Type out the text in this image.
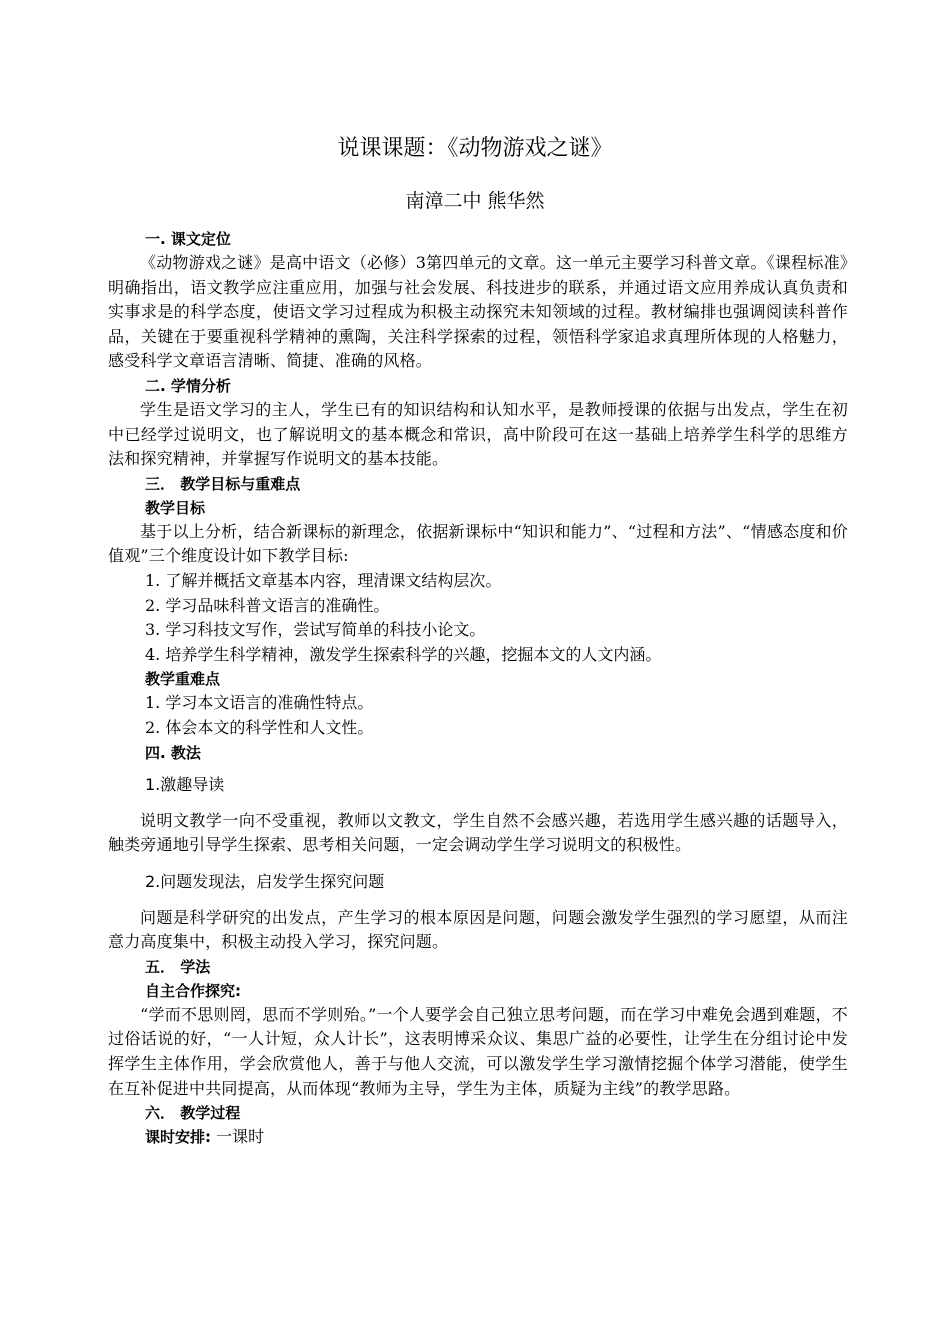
说课课题：《动物游戏之谜》
南漳二中 熊华然
一. 课文定位

《动物游戏之谜》是高中语文（必修）3第四单元的文章。这一单元主要学习科普文章。《课程标准》明确指出，语文教学应注重应用，加强与社会发展、科技进步的联系，并通过语文应用养成认真负责和实事求是的科学态度，使语文学习过程成为积极主动探究未知领域的过程。教材编排也强调阅读科普作品，关键在于要重视科学精神的熏陶，关注科学探索的过程，领悟科学家追求真理所体现的人格魅力，感受科学文章语言清晰、简捷、准确的风格。

二. 学情分析

学生是语文学习的主人，学生已有的知识结构和认知水平，是教师授课的依据与出发点，学生在初中已经学过说明文，也了解说明文的基本概念和常识，高中阶段可在这一基础上培养学生科学的思维方法和探究精神，并掌握写作说明文的基本技能。

三． 教学目标与重难点
教学目标

基于以上分析，结合新课标的新理念，依据新课标中“知识和能力”、“过程和方法”、“情感态度和价值观”三个维度设计如下教学目标:

1. 了解并概括文章基本内容，理清课文结构层次。

2. 学习品味科普文语言的准确性。

3. 学习科技文写作，尝试写简单的科技小论文。

4. 培养学生科学精神，激发学生探索科学的兴趣，挖掘本文的人文内涵。

教学重难点

1. 学习本文语言的准确性特点。

2. 体会本文的科学性和人文性。

四. 教法
1.激趣导读

说明文教学一向不受重视，教师以文教文，学生自然不会感兴趣，若选用学生感兴趣的话题导入，触类旁通地引导学生探索、思考相关问题，一定会调动学生学习说明文的积极性。

2.问题发现法，启发学生探究问题

问题是科学研究的出发点，产生学习的根本原因是问题，问题会激发学生强烈的学习愿望，从而注意力高度集中，积极主动投入学习，探究问题。

五． 学法
自主合作探究:

“学而不思则罔，思而不学则殆。”一个人要学会自己独立思考问题，而在学习中难免会遇到难题，不过俗话说的好，“一人计短，众人计长”，这表明博采众议、集思广益的必要性，让学生在分组讨论中发挥学生主体作用，学会欣赏他人，善于与他人交流，可以激发学生学习激情挖掘个体学习潜能，使学生在互补促进中共同提高，从而体现“教师为主导，学生为主体，质疑为主线”的教学思路。

六． 教学过程

课时安排: 一课时
